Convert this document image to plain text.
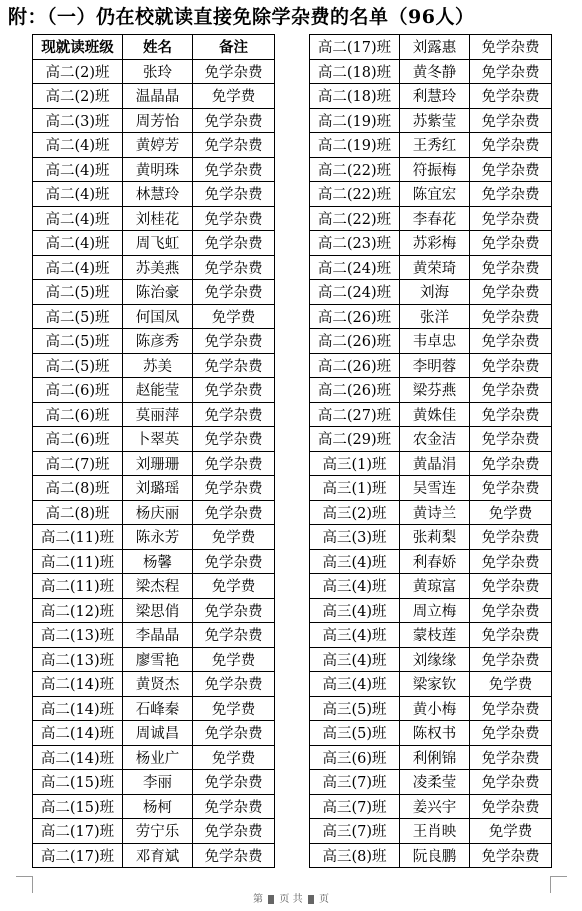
附：（一）仍在校就读直接免除学杂费的名单（96人）
现就读班级	姓名	备注
高二(2)班	张玲	免学杂费
高二(2)班	温晶晶	免学费
高二(3)班	周芳怡	免学杂费
高二(4)班	黄婷芳	免学杂费
高二(4)班	黄明珠	免学杂费
高二(4)班	林慧玲	免学杂费
高二(4)班	刘桂花	免学杂费
高二(4)班	周飞虹	免学杂费
高二(4)班	苏美燕	免学杂费
高二(5)班	陈治豪	免学杂费
高二(5)班	何国凤	免学费
高二(5)班	陈彦秀	免学杂费
高二(5)班	苏美	免学杂费
高二(6)班	赵能莹	免学杂费
高二(6)班	莫丽萍	免学杂费
高二(6)班	卜翠英	免学杂费
高二(7)班	刘珊珊	免学杂费
高二(8)班	刘璐瑶	免学杂费
高二(8)班	杨庆丽	免学杂费
高二(11)班	陈永芳	免学费
高二(11)班	杨馨	免学杂费
高二(11)班	梁杰程	免学费
高二(12)班	梁思俏	免学杂费
高二(13)班	李晶晶	免学杂费
高二(13)班	廖雪艳	免学费
高二(14)班	黄贤杰	免学杂费
高二(14)班	石峰秦	免学费
高二(14)班	周诚昌	免学杂费
高二(14)班	杨业广	免学费
高二(15)班	李丽	免学杂费
高二(15)班	杨柯	免学杂费
高二(17)班	劳宁乐	免学杂费
高二(17)班	邓育斌	免学杂费
高二(17)班	刘露惠	免学杂费
高二(18)班	黄冬静	免学杂费
高二(18)班	利慧玲	免学杂费
高二(19)班	苏紫莹	免学杂费
高二(19)班	王秀红	免学杂费
高二(22)班	符振梅	免学杂费
高二(22)班	陈宜宏	免学杂费
高二(22)班	李春花	免学杂费
高二(23)班	苏彩梅	免学杂费
高二(24)班	黄荣琦	免学杂费
高二(24)班	刘海	免学杂费
高二(26)班	张洋	免学杂费
高二(26)班	韦卓忠	免学杂费
高二(26)班	李明蓉	免学杂费
高二(26)班	梁芬燕	免学杂费
高二(27)班	黄姝佳	免学杂费
高二(29)班	农金洁	免学杂费
高三(1)班	黄晶涓	免学杂费
高三(1)班	吴雪连	免学杂费
高三(2)班	黄诗兰	免学费
高三(3)班	张莉梨	免学杂费
高三(4)班	利春娇	免学杂费
高三(4)班	黄琼富	免学杂费
高三(4)班	周立梅	免学杂费
高三(4)班	蒙枝莲	免学杂费
高三(4)班	刘缘缘	免学杂费
高三(4)班	梁家钦	免学费
高三(5)班	黄小梅	免学杂费
高三(5)班	陈权书	免学杂费
高三(6)班	利俐锦	免学杂费
高三(7)班	凌柔莹	免学杂费
高三(7)班	姜兴宇	免学杂费
高三(7)班	王肖映	免学费
高三(8)班	阮良鹏	免学杂费
第 页 共 页
